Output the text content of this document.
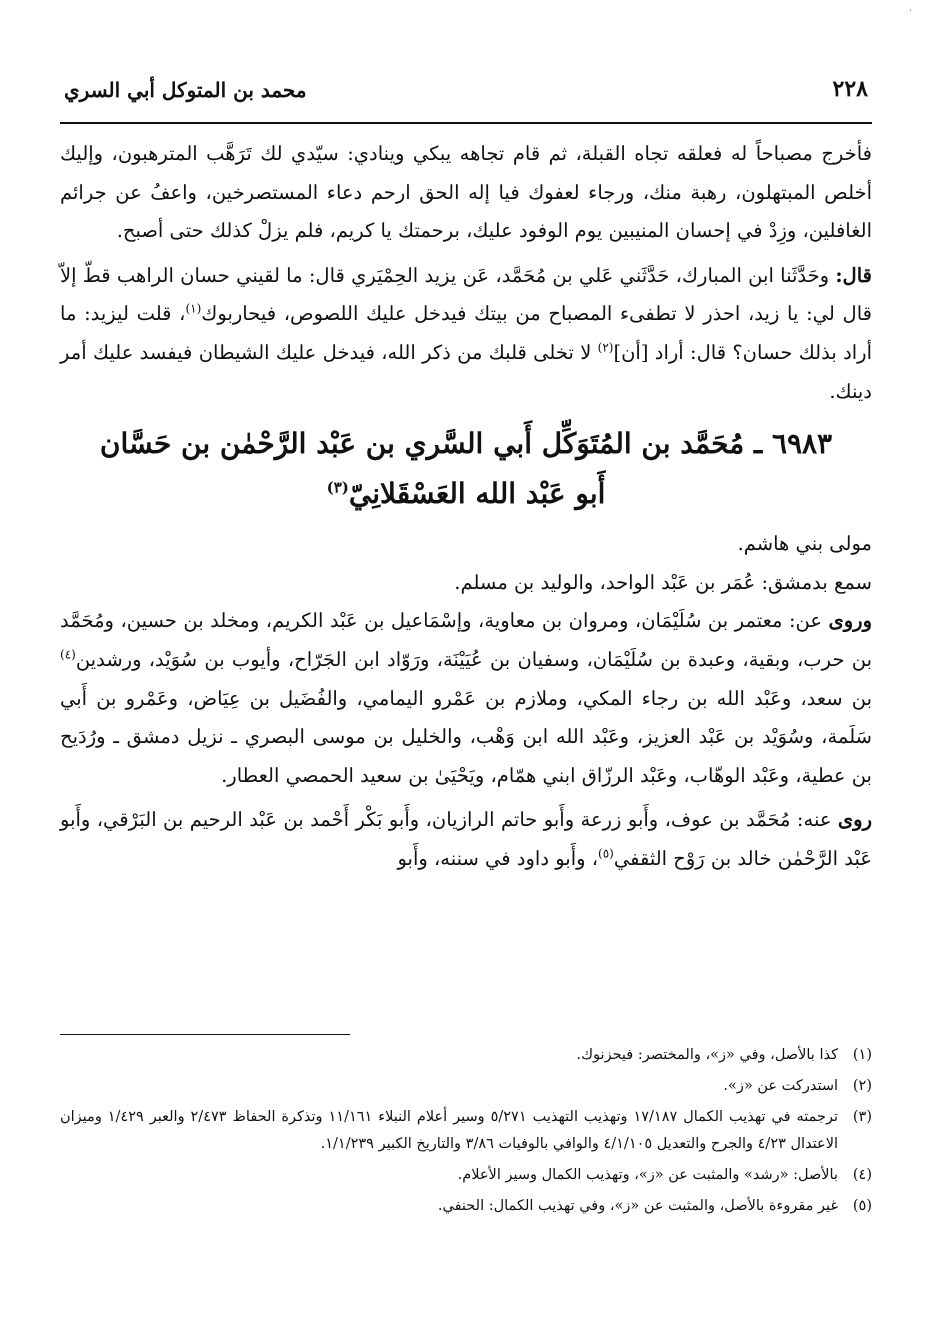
·
٢٢٨
محمد بن المتوكل أبي السري

فأخرج مصباحاً له فعلقه تجاه القبلة، ثم قام تجاهه يبكي وينادي: سيّدي لك تَرَهَّب المترهبون، وإليك أخلص المبتهلون، رهبة منك، ورجاء لعفوك فيا إله الحق ارحم دعاء المستصرخين، واعفُ عن جرائم الغافلين، وزِدْ في إحسان المنيبين يوم الوفود عليك، برحمتك يا كريم، فلم يزلْ كذلك حتى أصبح.

قال: وحَدَّثَنا ابن المبارك، حَدَّثَني عَلي بن مُحَمَّد، عَن يزيد الحِمْيَري قال: ما لقيني حسان الراهب قطّ إلاّ قال لي: يا زيد، احذر لا تطفىء المصباح من بيتك فيدخل عليك اللصوص، فيحاربوك$^{(١)}$، قلت ليزيد: ما أراد بذلك حسان؟ قال: أراد [أن]$^{(٢)}$ لا تخلى قلبك من ذكر الله، فيدخل عليك الشيطان فيفسد عليك أمر دينك.

٦٩٨٣ ـ مُحَمَّد بن المُتَوَكِّل أَبي السَّري بن عَبْد الرَّحْمٰن بن حَسَّان
أَبو عَبْد الله العَسْقَلانِيّ$^{(٣)}$

مولى بني هاشم.

سمع بدمشق: عُمَر بن عَبْد الواحد، والوليد بن مسلم.

وروى عن: معتمر بن سُلَيْمَان، ومروان بن معاوية، وإسْمَاعيل بن عَبْد الكريم، ومخلد بن حسين، ومُحَمَّد بن حرب، وبقية، وعبدة بن سُلَيْمَان، وسفيان بن عُيَيْنَة، ورَوّاد ابن الجَرّاح، وأيوب بن سُوَيْد، ورشدين$^{(٤)}$ بن سعد، وعَبْد الله بن رجاء المكي، وملازم بن عَمْرو اليمامي، والفُضَيل بن عِيَاض، وعَمْرو بن أَبي سَلَمة، وسُوَيْد بن عَبْد العزيز، وعَبْد الله ابن وَهْب، والخليل بن موسى البصري ـ نزيل دمشق ـ ورُدَيح بن عطية، وعَبْد الوهّاب، وعَبْد الرزّاق ابني همّام، ويَحْيَىٰ بن سعيد الحمصي العطار.

روى عنه: مُحَمَّد بن عوف، وأَبو زرعة وأَبو حاتم الرازيان، وأَبو بَكْر أَحْمد بن عَبْد الرحيم بن البَرْقي، وأَبو عَبْد الرَّحْمٰن خالد بن رَوْح الثقفي$^{(٥)}$، وأَبو داود في سننه، وأَبو

(١)
كذا بالأصل، وفي «ز»، والمختصر: فيحزنوك.
(٢)
استدركت عن «ز».
(٣)
ترجمته في تهذيب الكمال ١٧/١٨٧ وتهذيب التهذيب ٥/٢٧١ وسير أعلام النبلاء ١١/١٦١ وتذكرة الحفاظ ٢/٤٧٣ والعبر ١/٤٢٩ وميزان الاعتدال ٤/٢٣ والجرح والتعديل ٤/١/١٠٥ والوافي بالوفيات ٣/٨٦ والتاريخ الكبير ١/١/٢٣٩.
(٤)
بالأصل: «رشد» والمثبت عن «ز»، وتهذيب الكمال وسير الأعلام.
(٥)
غير مقروءة بالأصل، والمثبت عن «ز»، وفي تهذيب الكمال: الحنفي.
